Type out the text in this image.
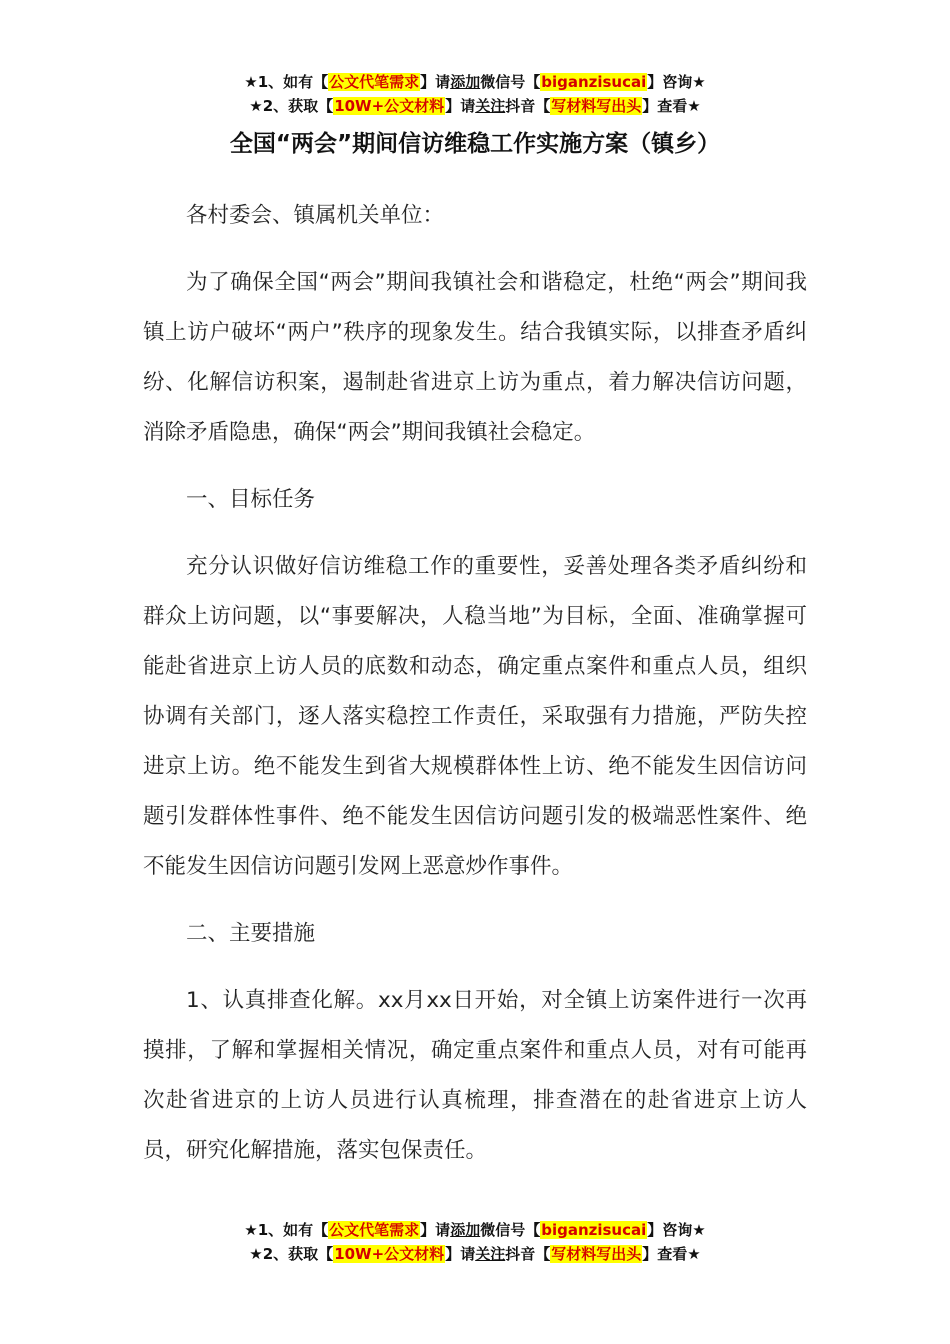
★1、如有【公文代笔需求】请添加微信号【biganzisucai】咨询★
★2、获取【10W+公文材料】请关注抖音【写材料写出头】查看★
全国“两会”期间信访维稳工作实施方案（镇乡）

各村委会、镇属机关单位：

为了确保全国“两会”期间我镇社会和谐稳定，杜绝“两会”期间我镇上访户破坏“两户”秩序的现象发生。结合我镇实际，以排查矛盾纠纷、化解信访积案，遏制赴省进京上访为重点，着力解决信访问题，消除矛盾隐患，确保“两会”期间我镇社会稳定。

一、目标任务

充分认识做好信访维稳工作的重要性，妥善处理各类矛盾纠纷和群众上访问题，以“事要解决，人稳当地”为目标，全面、准确掌握可能赴省进京上访人员的底数和动态，确定重点案件和重点人员，组织协调有关部门，逐人落实稳控工作责任，采取强有力措施，严防失控进京上访。绝不能发生到省大规模群体性上访、绝不能发生因信访问题引发群体性事件、绝不能发生因信访问题引发的极端恶性案件、绝不能发生因信访问题引发网上恶意炒作事件。

二、主要措施

1、认真排查化解。xx月xx日开始，对全镇上访案件进行一次再摸排，了解和掌握相关情况，确定重点案件和重点人员，对有可能再次赴省进京的上访人员进行认真梳理，排查潜在的赴省进京上访人员，研究化解措施，落实包保责任。

★1、如有【公文代笔需求】请添加微信号【biganzisucai】咨询★
★2、获取【10W+公文材料】请关注抖音【写材料写出头】查看★
